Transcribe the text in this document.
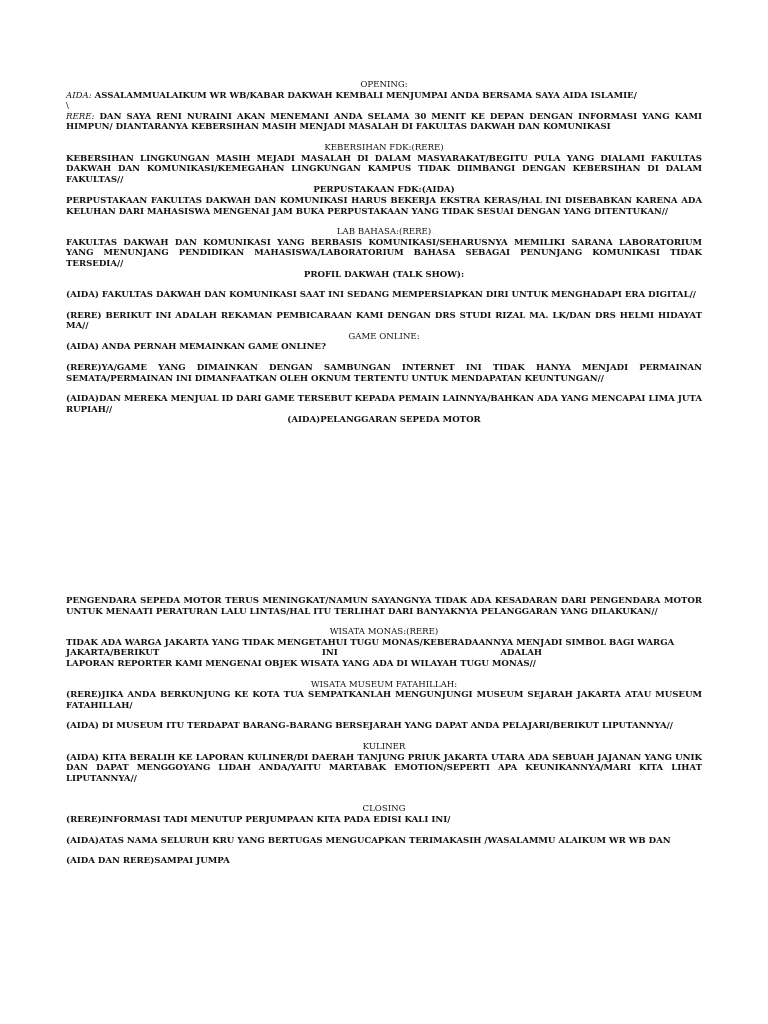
OPENING:

AIDA: ASSALAMMUALAIKUM WR WB/KABAR DAKWAH KEMBALI MENJUMPAI ANDA BERSAMA SAYA AIDA ISLAMIE/

\

RERE: DAN SAYA RENI NURAINI AKAN MENEMANI ANDA SELAMA 30 MENIT KE DEPAN DENGAN INFORMASI YANG KAMI HIMPUN/ DIANTARANYA KEBERSIHAN MASIH MENJADI MASALAH DI FAKULTAS DAKWAH DAN KOMUNIKASI

KEBERSIHAN FDK:(RERE)

KEBERSIHAN LINGKUNGAN MASIH MEJADI MASALAH DI DALAM MASYARAKAT/BEGITU PULA YANG DIALAMI FAKULTAS DAKWAH DAN KOMUNIKASI/KEMEGAHAN LINGKUNGAN KAMPUS TIDAK DIIMBANGI DENGAN KEBERSIHAN DI DALAM FAKULTAS//

PERPUSTAKAAN FDK:(AIDA)

PERPUSTAKAAN FAKULTAS DAKWAH DAN KOMUNIKASI HARUS BEKERJA EKSTRA KERAS/HAL INI DISEBABKAN KARENA ADA KELUHAN DARI MAHASISWA MENGENAI JAM BUKA PERPUSTAKAAN YANG TIDAK SESUAI DENGAN YANG DITENTUKAN//

LAB BAHASA:(RERE)

FAKULTAS DAKWAH DAN KOMUNIKASI YANG BERBASIS KOMUNIKASI/SEHARUSNYA MEMILIKI SARANA LABORATORIUM YANG MENUNJANG PENDIDIKAN MAHASISWA/LABORATORIUM BAHASA SEBAGAI PENUNJANG KOMUNIKASI TIDAK TERSEDIA//

PROFIL DAKWAH (TALK SHOW):

(AIDA) FAKULTAS DAKWAH DAN KOMUNIKASI SAAT INI SEDANG MEMPERSIAPKAN DIRI UNTUK MENGHADAPI ERA DIGITAL//

(RERE) BERIKUT INI ADALAH REKAMAN PEMBICARAAN KAMI DENGAN DRS STUDI RIZAL MA. LK/DAN DRS HELMI HIDAYAT MA//

GAME ONLINE:

(AIDA) ANDA PERNAH MEMAINKAN GAME ONLINE?

(RERE)YA/GAME YANG DIMAINKAN DENGAN SAMBUNGAN INTERNET INI TIDAK HANYA MENJADI PERMAINAN SEMATA/PERMAINAN INI DIMANFAATKAN OLEH OKNUM TERTENTU UNTUK MENDAPATAN KEUNTUNGAN//

(AIDA)DAN MEREKA MENJUAL ID DARI GAME TERSEBUT KEPADA PEMAIN LAINNYA/BAHKAN ADA YANG MENCAPAI LIMA JUTA RUPIAH//

(AIDA)PELANGGARAN SEPEDA MOTOR

PENGENDARA SEPEDA MOTOR TERUS MENINGKAT/NAMUN SAYANGNYA TIDAK ADA KESADARAN DARI PENGENDARA MOTOR UNTUK MENAATI PERATURAN LALU LINTAS/HAL ITU TERLIHAT DARI BANYAKNYA PELANGGARAN YANG DILAKUKAN//

WISATA MONAS:(RERE)

TIDAK ADA WARGA JAKARTA YANG TIDAK MENGETAHUI TUGU MONAS/KEBERADAANNYA MENJADI SIMBOL BAGI WARGA

JAKARTA/BERIKUT	INI	ADALAH

LAPORAN REPORTER KAMI MENGENAI OBJEK WISATA YANG ADA DI WILAYAH TUGU MONAS//

WISATA MUSEUM FATAHILLAH:

(RERE)JIKA ANDA BERKUNJUNG KE KOTA TUA SEMPATKANLAH MENGUNJUNGI MUSEUM SEJARAH JAKARTA ATAU MUSEUM FATAHILLAH/

(AIDA) DI MUSEUM ITU TERDAPAT BARANG-BARANG BERSEJARAH YANG DAPAT ANDA PELAJARI/BERIKUT LIPUTANNYA//

KULINER

(AIDA) KITA BERALIH KE LAPORAN KULINER/DI DAERAH TANJUNG PRIUK JAKARTA UTARA ADA SEBUAH JAJANAN YANG UNIK DAN DAPAT MENGGOYANG LIDAH ANDA/YAITU MARTABAK EMOTION/SEPERTI APA KEUNIKANNYA/MARI KITA LIHAT LIPUTANNYA//

CLOSING

(RERE)INFORMASI TADI MENUTUP PERJUMPAAN KITA PADA EDISI KALI INI/

(AIDA)ATAS NAMA SELURUH KRU YANG BERTUGAS MENGUCAPKAN TERIMAKASIH /WASALAMMU ALAIKUM WR WB DAN

(AIDA DAN RERE)SAMPAI JUMPA
